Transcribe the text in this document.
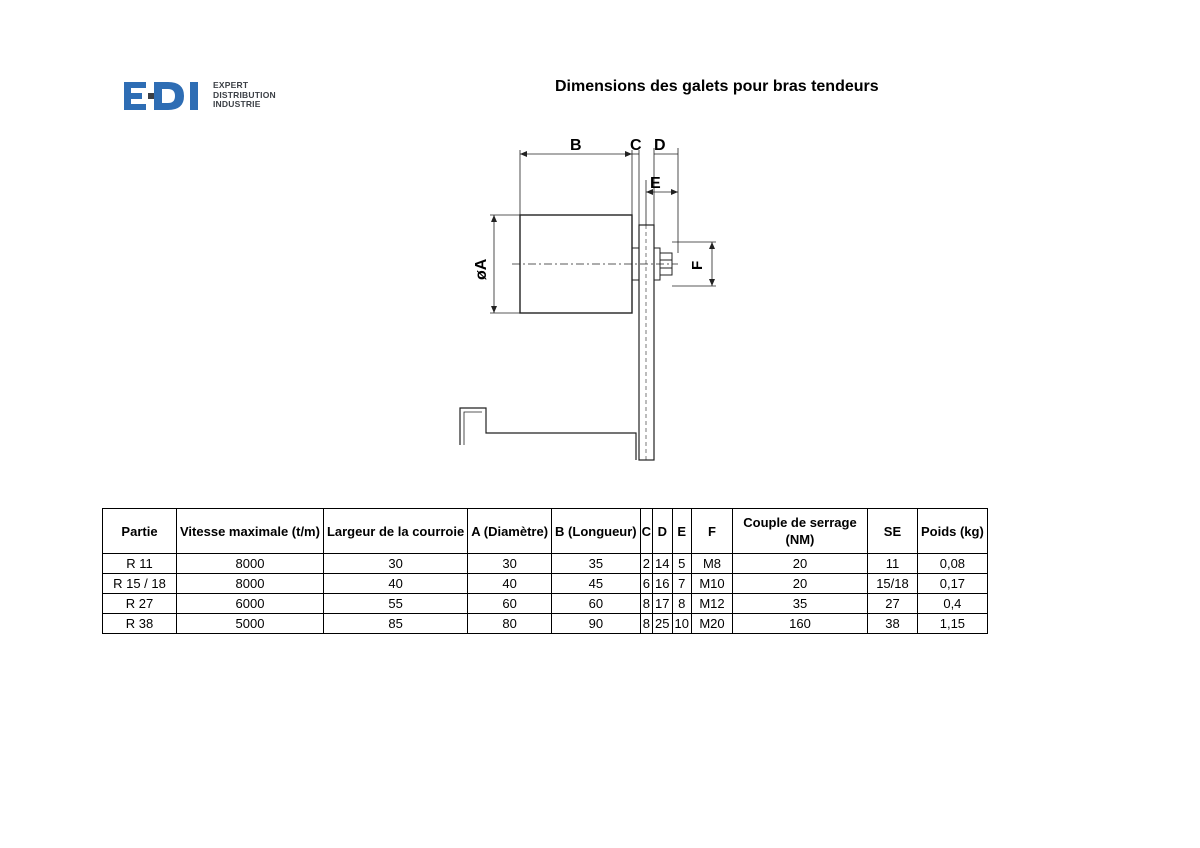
EXPERT
DISTRIBUTION
INDUSTRIE
Dimensions des galets pour bras tendeurs
B	C D
E
øA	F
Partie	Vitesse maximale (t/m)	Largeur de la courroie	A (Diamètre)	B (Longueur)	C	D	E	F	Couple de serrage (NM)	SE	Poids (kg)
R 11	8000	30	30	35	2	14	5	M8	20	11	0,08
R 15 / 18	8000	40	40	45	6	16	7	M10	20	15/18	0,17
R 27	6000	55	60	60	8	17	8	M12	35	27	0,4
R 38	5000	85	80	90	8	25	10	M20	160	38	1,15
